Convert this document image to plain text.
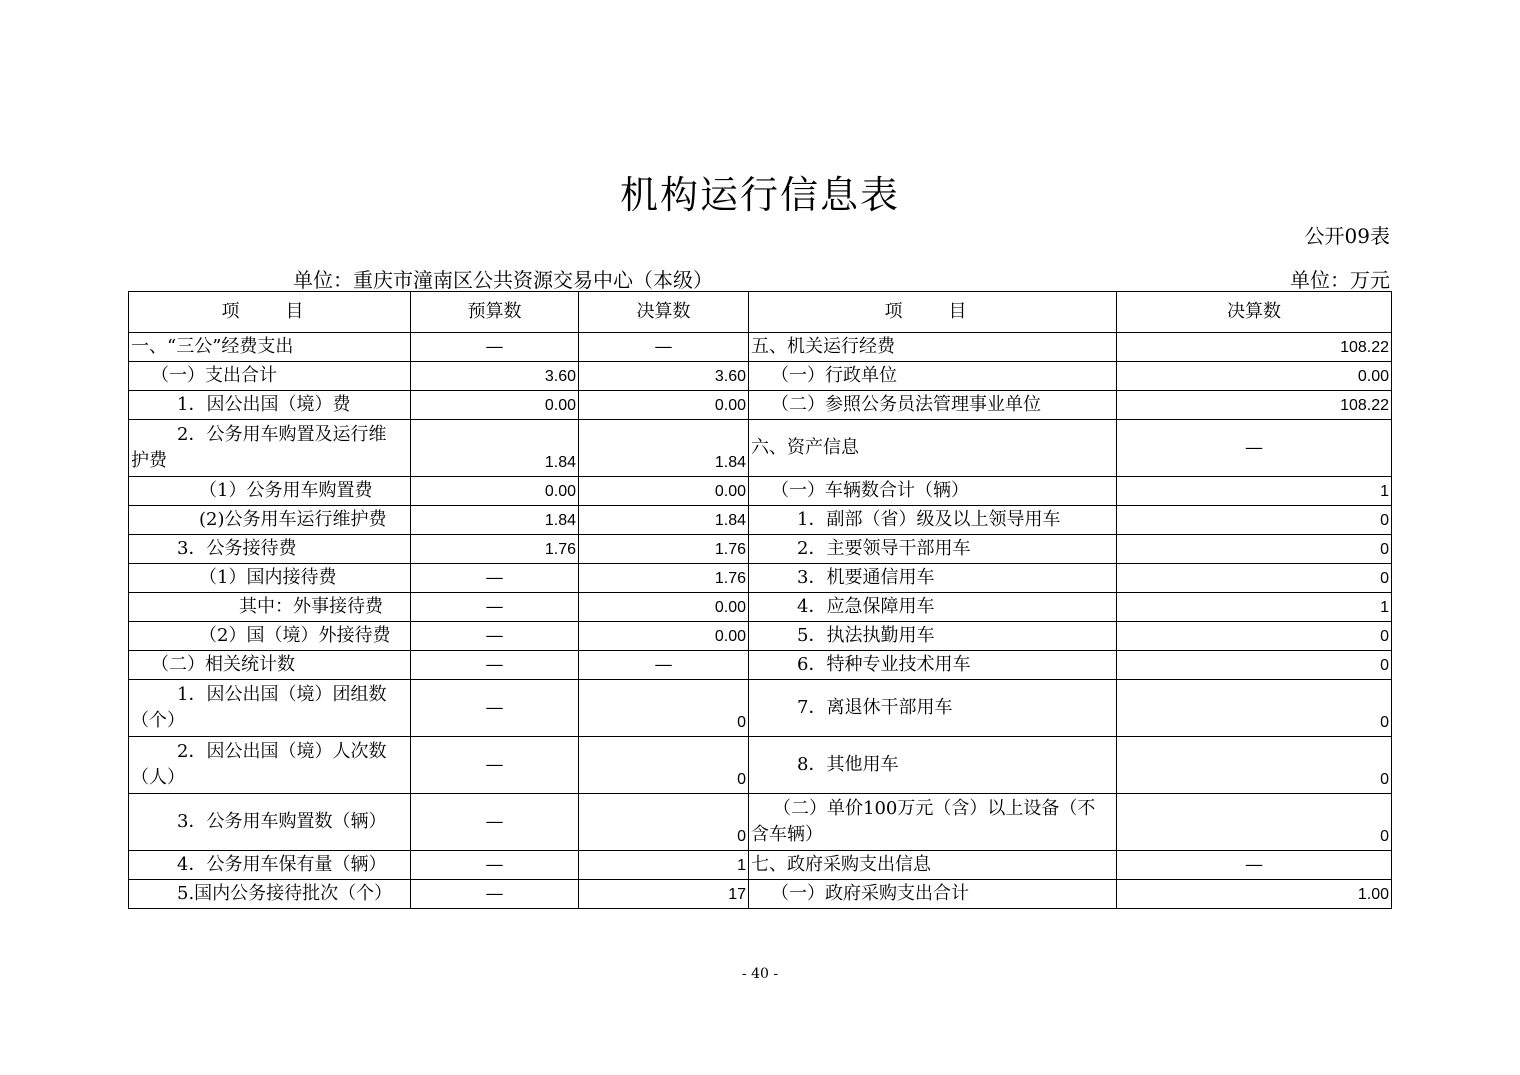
机构运行信息表
公开09表
单位：重庆市潼南区公共资源交易中心（本级）	单位：万元
项　目	预算数	决算数	项　目	决算数
一、“三公”经费支出	—	—	五、机关运行经费	108.22
（一）支出合计	3.60	3.60	（一）行政单位	0.00
1．因公出国（境）费	0.00	0.00	（二）参照公务员法管理事业单位	108.22

2．公务用车购置及运行维
护费	1.84	1.84	六、资产信息	—
（1）公务用车购置费	0.00	0.00	（一）车辆数合计（辆）	1
(2)公务用车运行维护费	1.84	1.84	1．副部（省）级及以上领导用车	0
3．公务接待费	1.76	1.76	2．主要领导干部用车	0
（1）国内接待费	—	1.76	3．机要通信用车	0
其中：外事接待费	—	0.00	4．应急保障用车	1
（2）国（境）外接待费	—	0.00	5．执法执勤用车	0
（二）相关统计数	—	—	6．特种专业技术用车	0

1．因公出国（境）团组数
（个）	—	0	7．离退休干部用车	0

2．因公出国（境）人次数
（人）	—	0	8．其他用车	0
3．公务用车购置数（辆）	—	0	（二）单价100万元（含）以上设备（不
含车辆）	0
4．公务用车保有量（辆）	—	1	七、政府采购支出信息	—
5.国内公务接待批次（个）	—	17	（一）政府采购支出合计	1.00
- 40 -
